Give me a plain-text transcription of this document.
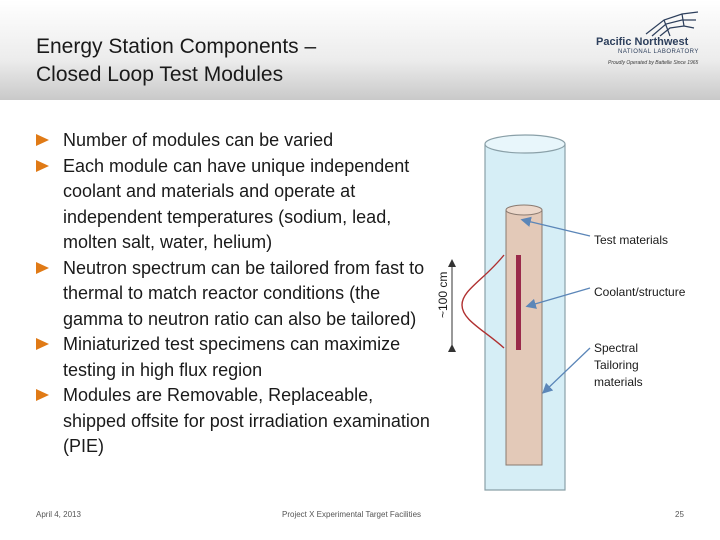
Energy Station Components –
Closed Loop Test Modules
Pacific Northwest
NATIONAL LABORATORY
Proudly Operated by Battelle Since 1965
Number of modules can be varied
Each module can have unique independent coolant and materials and operate at independent temperatures (sodium, lead, molten salt, water, helium)
Neutron spectrum can be tailored from fast to thermal to match reactor conditions (the gamma to neutron ratio can also be tailored)
Miniaturized test specimens can maximize testing in high flux region
Modules are Removable, Replaceable, shipped offsite for post irradiation examination (PIE)
~100 cm
Test materials
Coolant/structure
Spectral
Tailoring
materials
April 4, 2013	Project X Experimental Target Facilities	25
